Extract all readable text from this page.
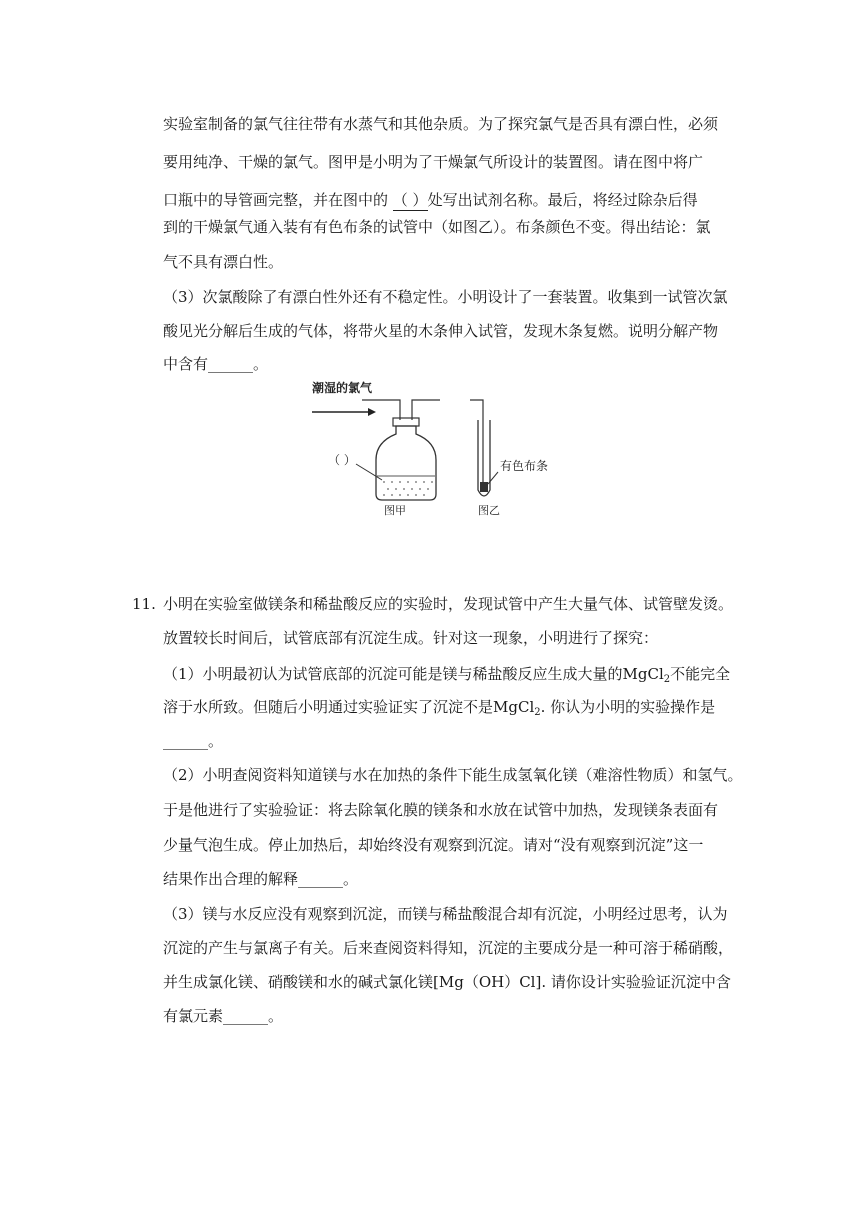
实验室制备的氯气往往带有水蒸气和其他杂质。为了探究氯气是否具有漂白性，必须
要用纯净、干燥的氯气。图甲是小明为了干燥氯气所设计的装置图。请在图中将广
口瓶中的导管画完整，并在图中的 （ ）处写出试剂名称。最后，将经过除杂后得
到的干燥氯气通入装有有色布条的试管中（如图乙）。布条颜色不变。得出结论：氯
气不具有漂白性。
（3）次氯酸除了有漂白性外还有不稳定性。小明设计了一套装置。收集到一试管次氯
酸见光分解后生成的气体，将带火星的木条伸入试管，发现木条复燃。说明分解产物
中含有______。
潮湿的氯气
（ ）
图甲
有色布条
图乙
11. 小明在实验室做镁条和稀盐酸反应的实验时，发现试管中产生大量气体、试管壁发烫。
放置较长时间后，试管底部有沉淀生成。针对这一现象，小明进行了探究：
（1）小明最初认为试管底部的沉淀可能是镁与稀盐酸反应生成大量的MgCl$_2$不能完全
溶于水所致。但随后小明通过实验证实了沉淀不是MgCl$_2$. 你认为小明的实验操作是
______。
（2）小明查阅资料知道镁与水在加热的条件下能生成氢氧化镁（难溶性物质）和氢气。
于是他进行了实验验证：将去除氧化膜的镁条和水放在试管中加热，发现镁条表面有
少量气泡生成。停止加热后，却始终没有观察到沉淀。请对“没有观察到沉淀”这一
结果作出合理的解释______。
（3）镁与水反应没有观察到沉淀，而镁与稀盐酸混合却有沉淀，小明经过思考，认为
沉淀的产生与氯离子有关。后来查阅资料得知，沉淀的主要成分是一种可溶于稀硝酸，
并生成氯化镁、硝酸镁和水的碱式氯化镁[Mg（OH）Cl]. 请你设计实验验证沉淀中含
有氯元素______。
